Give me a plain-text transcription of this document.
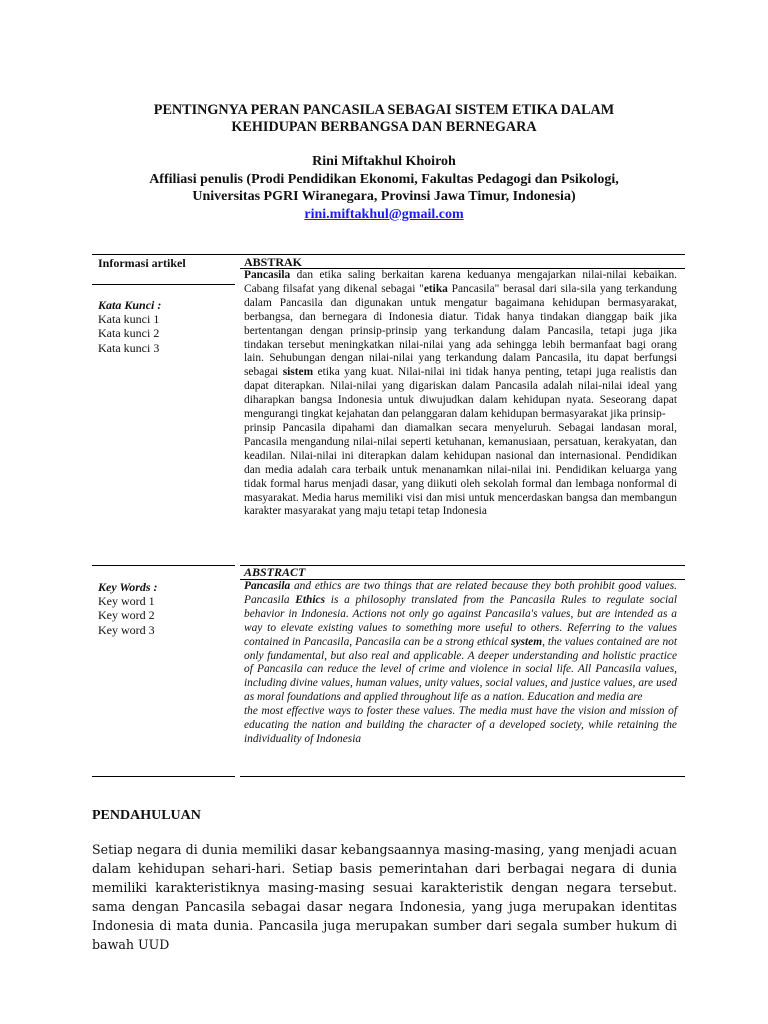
PENTINGNYA PERAN PANCASILA SEBAGAI SISTEM ETIKA DALAM
KEHIDUPAN BERBANGSA DAN BERNEGARA
Rini Miftakhul Khoiroh
Affiliasi penulis (Prodi Pendidikan Ekonomi, Fakultas Pedagogi dan Psikologi,
Universitas PGRI Wiranegara, Provinsi Jawa Timur, Indonesia)
rini.miftakhul@gmail.com
Informasi artikel
Kata Kunci :
Kata kunci 1
Kata kunci 2
Kata kunci 3
Key Words :
Key word 1
Key word 2
Key word 3
ABSTRAK
Pancasila dan etika saling berkaitan karena keduanya mengajarkan nilai-nilai kebaikan. Cabang filsafat yang dikenal sebagai "etika Pancasila" berasal dari sila-sila yang terkandung dalam Pancasila dan digunakan untuk mengatur bagaimana kehidupan bermasyarakat, berbangsa, dan bernegara di Indonesia diatur. Tidak hanya tindakan dianggap baik jika bertentangan dengan prinsip-prinsip yang terkandung dalam Pancasila, tetapi juga jika tindakan tersebut meningkatkan nilai-nilai yang ada sehingga lebih bermanfaat bagi orang lain. Sehubungan dengan nilai-nilai yang terkandung dalam Pancasila, itu dapat berfungsi sebagai sistem etika yang kuat. Nilai-nilai ini tidak hanya penting, tetapi juga realistis dan dapat diterapkan. Nilai-nilai yang digariskan dalam Pancasila adalah nilai-nilai ideal yang diharapkan bangsa Indonesia untuk diwujudkan dalam kehidupan nyata. Seseorang dapat mengurangi tingkat kejahatan dan pelanggaran dalam kehidupan bermasyarakat jika prinsip-
prinsip Pancasila dipahami dan diamalkan secara menyeluruh. Sebagai landasan moral, Pancasila mengandung nilai-nilai seperti ketuhanan, kemanusiaan, persatuan, kerakyatan, dan keadilan. Nilai-nilai ini diterapkan dalam kehidupan nasional dan internasional. Pendidikan dan media adalah cara terbaik untuk menanamkan nilai-nilai ini. Pendidikan keluarga yang tidak formal harus menjadi dasar, yang diikuti oleh sekolah formal dan lembaga nonformal di masyarakat. Media harus memiliki visi dan misi untuk mencerdaskan bangsa dan membangun karakter masyarakat yang maju tetapi tetap Indonesia
ABSTRACT
Pancasila and ethics are two things that are related because they both prohibit good values. Pancasila Ethics is a philosophy translated from the Pancasila Rules to regulate social behavior in Indonesia. Actions not only go against Pancasila's values, but are intended as a way to elevate existing values to something more useful to others. Referring to the values contained in Pancasila, Pancasila can be a strong ethical system, the values contained are not only fundamental, but also real and applicable. A deeper understanding and holistic practice of Pancasila can reduce the level of crime and violence in social life. All Pancasila values, including divine values, human values, unity values, social values, and justice values, are used as moral foundations and applied throughout life as a nation. Education and media are
the most effective ways to foster these values. The media must have the vision and mission of educating the nation and building the character of a developed society, while retaining the individuality of Indonesia
PENDAHULUAN
Setiap negara di dunia memiliki dasar kebangsaannya masing-masing, yang menjadi acuan dalam kehidupan sehari-hari. Setiap basis pemerintahan dari berbagai negara di dunia memiliki karakteristiknya masing-masing sesuai karakteristik dengan negara tersebut. sama dengan Pancasila sebagai dasar negara Indonesia, yang juga merupakan identitas Indonesia di mata dunia. Pancasila juga merupakan sumber dari segala sumber hukum di bawah UUD
